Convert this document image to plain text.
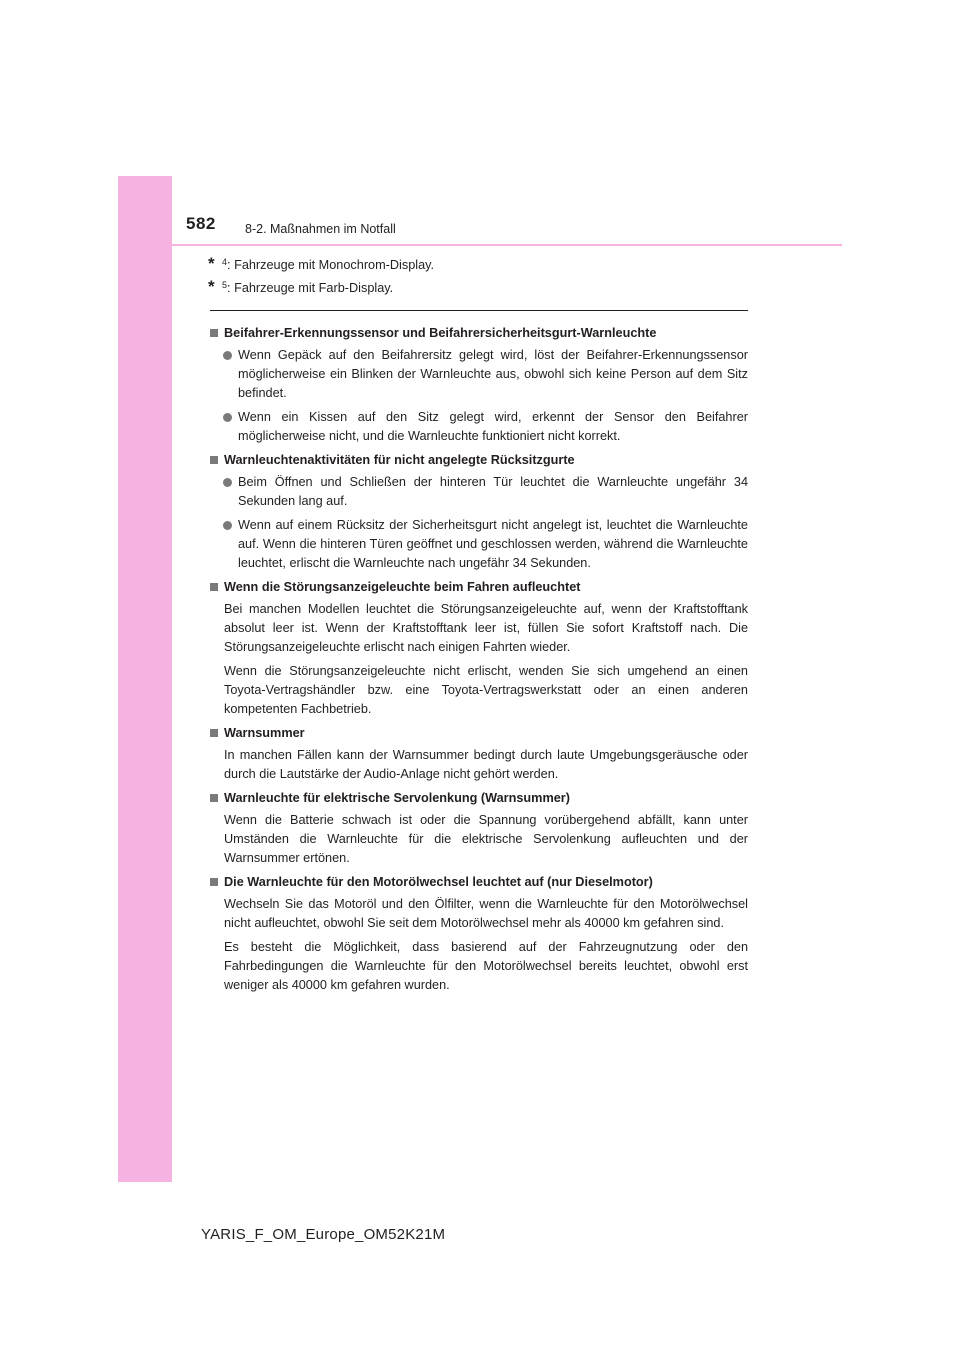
582 8-2. Maßnahmen im Notfall
* $^4$: Fahrzeuge mit Monochrom-Display.
* $^5$: Fahrzeuge mit Farb-Display.
Beifahrer-Erkennungssensor und Beifahrersicherheitsgurt-Warnleuchte
Wenn Gepäck auf den Beifahrersitz gelegt wird, löst der Beifahrer-Erkennungssensor möglicherweise ein Blinken der Warnleuchte aus, obwohl sich keine Person auf dem Sitz befindet.
Wenn ein Kissen auf den Sitz gelegt wird, erkennt der Sensor den Beifahrer möglicherweise nicht, und die Warnleuchte funktioniert nicht korrekt.
Warnleuchtenaktivitäten für nicht angelegte Rücksitzgurte
Beim Öffnen und Schließen der hinteren Tür leuchtet die Warnleuchte ungefähr 34 Sekunden lang auf.
Wenn auf einem Rücksitz der Sicherheitsgurt nicht angelegt ist, leuchtet die Warnleuchte auf. Wenn die hinteren Türen geöffnet und geschlossen werden, während die Warnleuchte leuchtet, erlischt die Warnleuchte nach ungefähr 34 Sekunden.
Wenn die Störungsanzeigeleuchte beim Fahren aufleuchtet
Bei manchen Modellen leuchtet die Störungsanzeigeleuchte auf, wenn der Kraftstofftank absolut leer ist. Wenn der Kraftstofftank leer ist, füllen Sie sofort Kraftstoff nach. Die Störungsanzeigeleuchte erlischt nach einigen Fahrten wieder.
Wenn die Störungsanzeigeleuchte nicht erlischt, wenden Sie sich umgehend an einen Toyota-Vertragshändler bzw. eine Toyota-Vertragswerkstatt oder an einen anderen kompetenten Fachbetrieb.
Warnsummer
In manchen Fällen kann der Warnsummer bedingt durch laute Umgebungsgeräusche oder durch die Lautstärke der Audio-Anlage nicht gehört werden.
Warnleuchte für elektrische Servolenkung (Warnsummer)
Wenn die Batterie schwach ist oder die Spannung vorübergehend abfällt, kann unter Umständen die Warnleuchte für die elektrische Servolenkung aufleuchten und der Warnsummer ertönen.
Die Warnleuchte für den Motorölwechsel leuchtet auf (nur Dieselmotor)
Wechseln Sie das Motoröl und den Ölfilter, wenn die Warnleuchte für den Motorölwechsel nicht aufleuchtet, obwohl Sie seit dem Motorölwechsel mehr als 40000 km gefahren sind.
Es besteht die Möglichkeit, dass basierend auf der Fahrzeugnutzung oder den Fahrbedingungen die Warnleuchte für den Motorölwechsel bereits leuchtet, obwohl erst weniger als 40000 km gefahren wurden.
YARIS_F_OM_Europe_OM52K21M
